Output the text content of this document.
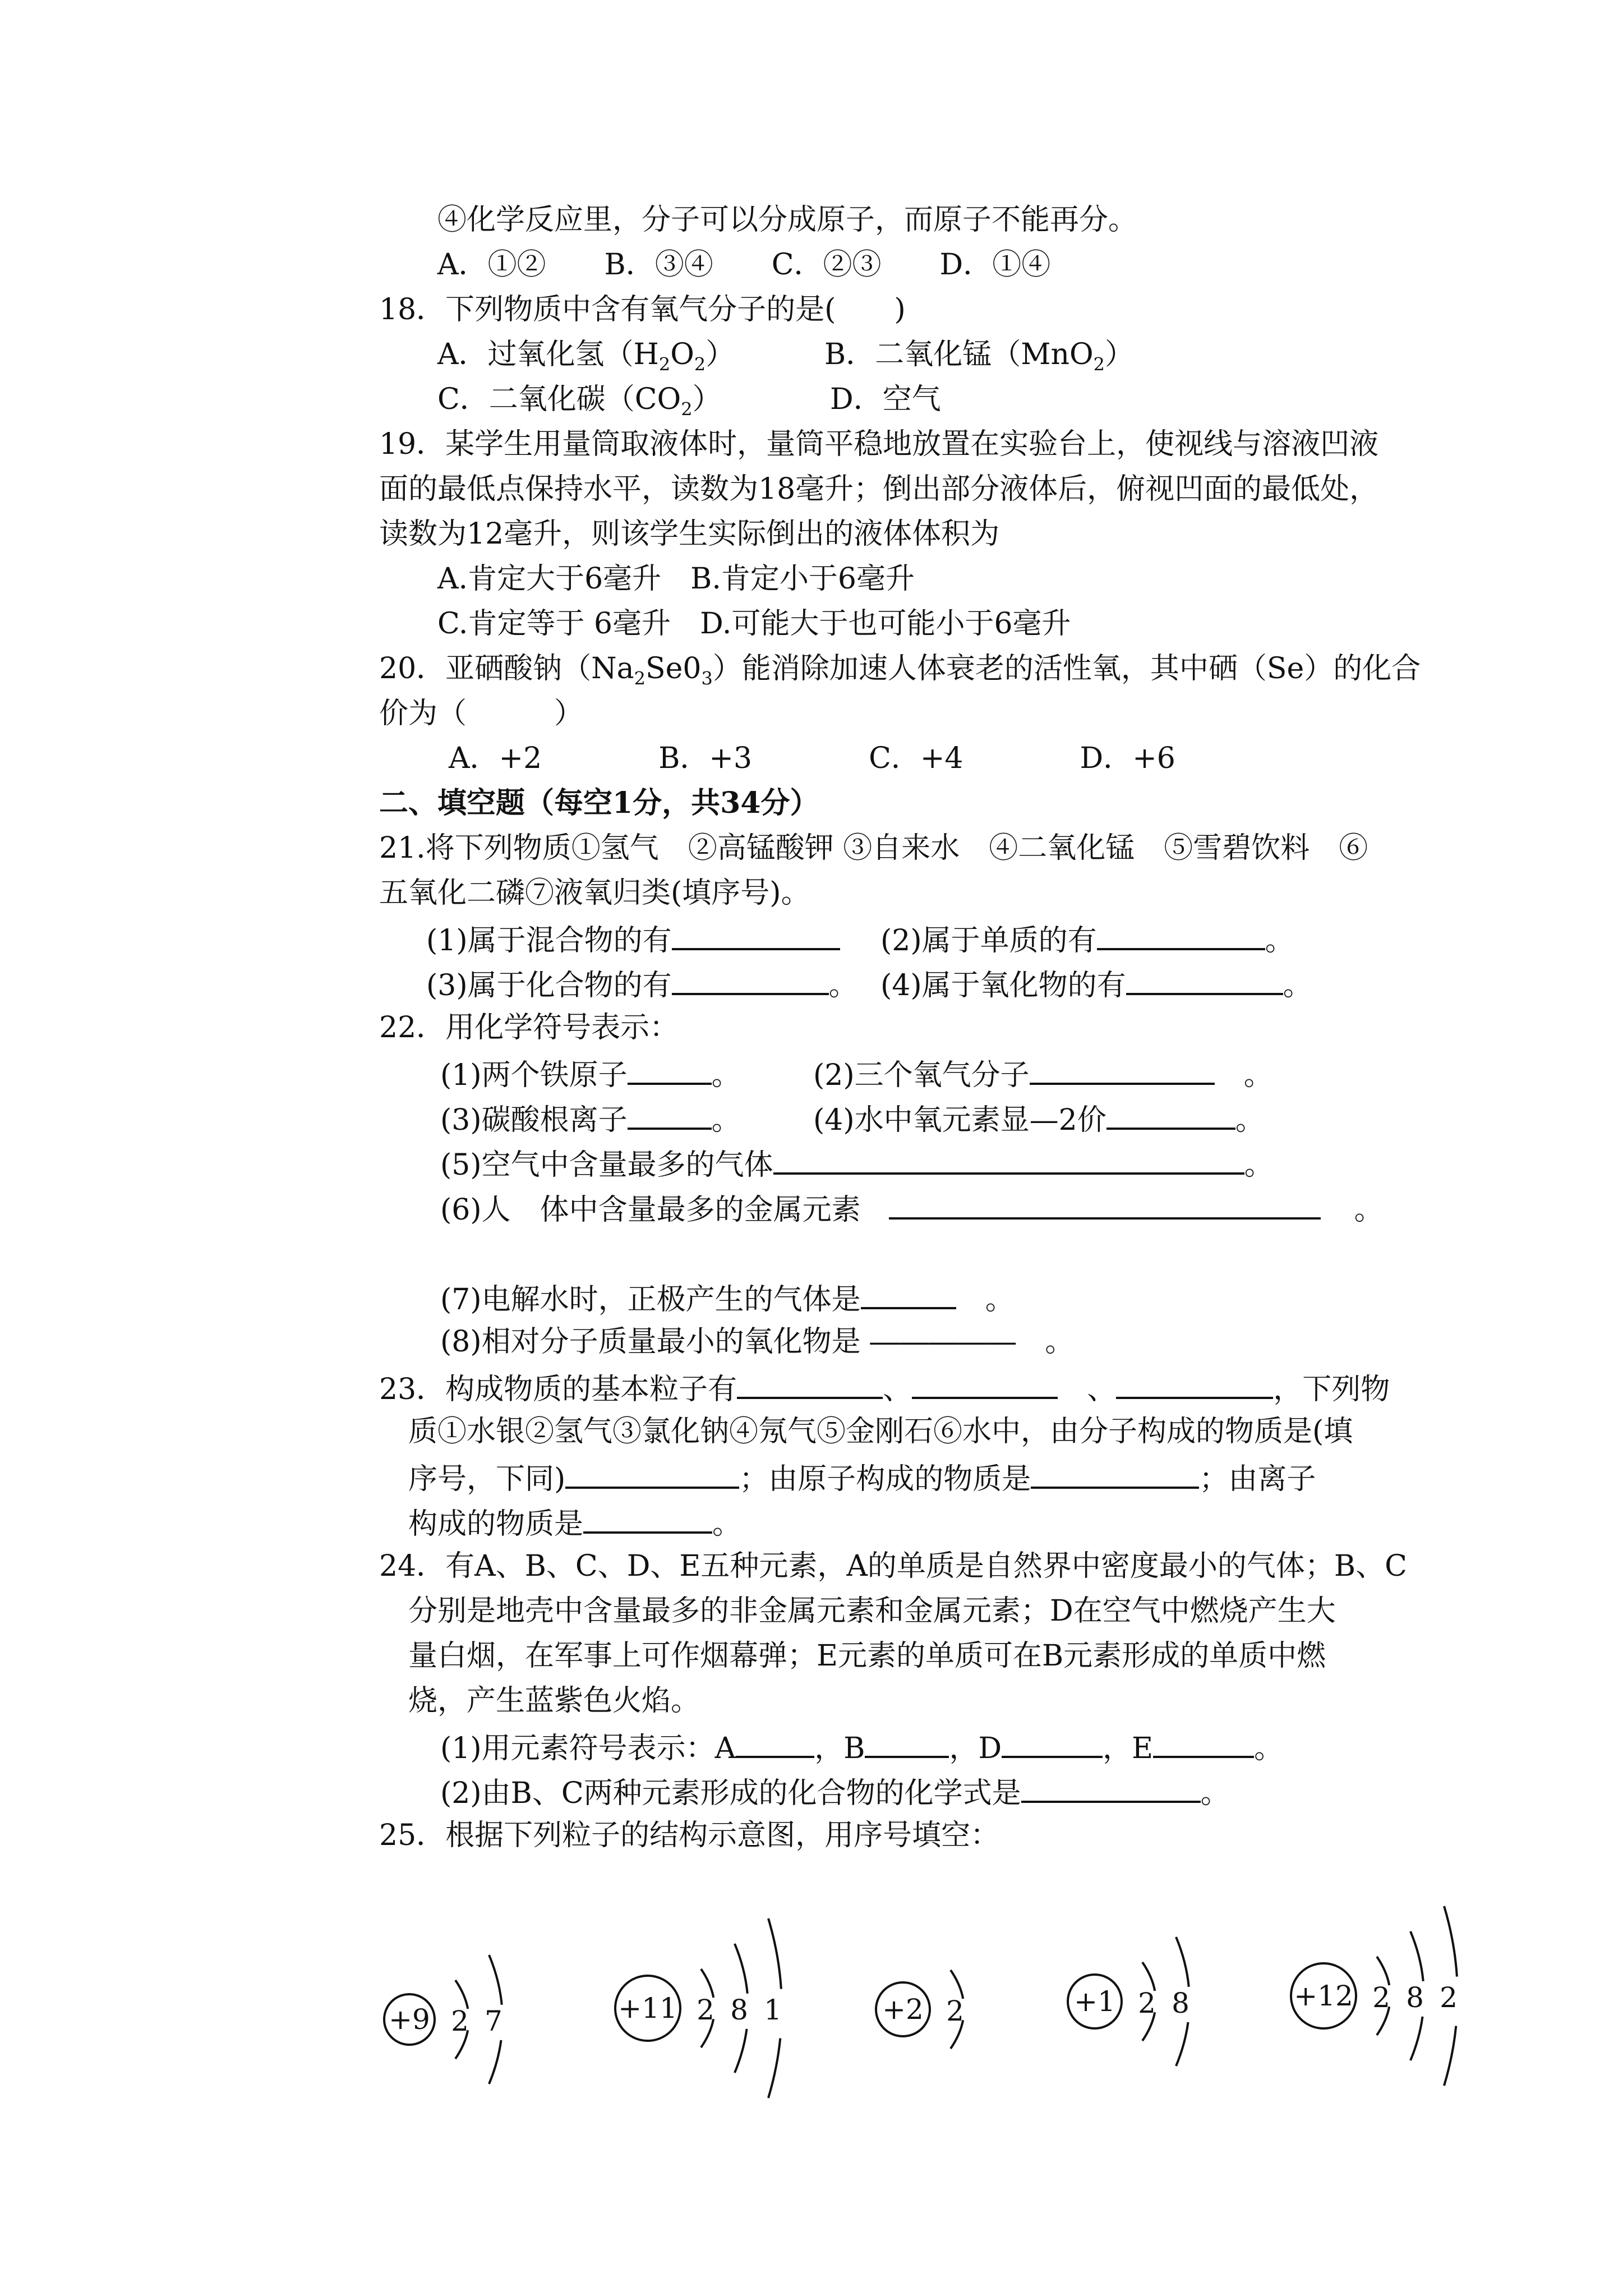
④化学反应里，分子可以分成原子，而原子不能再分。
A．①②　　B．③④　　C．②③　　D．①④
18．下列物质中含有氧气分子的是(　　)
A．过氧化氢$(H_2O_2)$	B．二氧化锰（MnO$_2$）
C．二氧化碳$(CO_2)$	D．空气
19．某学生用量筒取液体时，量筒平稳地放置在实验台上，使视线与溶液凹液
面的最低点保持水平，读数为18毫升；倒出部分液体后，俯视凹面的最低处，
读数为12毫升，则该学生实际倒出的液体体积为
A.肯定大于6毫升　B.肯定小于6毫升
C.肯定等于 6毫升　D.可能大于也可能小于6毫升
20．亚硒酸钠$(Na_2Se0_3)$能消除加速人体衰老的活性氧，其中硒（Se）的化合
价为（　　　）
A．+2　　　　B．+3　　　　C．+4　　　　D．+6
二、填空题（每空1分，共34分）
21.将下列物质①氢气　②高锰酸钾 ③自来水　④二氧化锰　⑤雪碧饮料　⑥
五氧化二磷⑦液氧归类(填序号)。
(1)属于混合物的有	(2)属于单质的有	。
(3)属于化合物的有	。 (4)属于氧化物的有	。
22．用化学符号表示：
(1)两个铁原子	。 (2)三个氧气分子　	。
(3)碳酸根离子	。 (4)水中氧元素显—2价	。
(5)空气中含量最多的气体	。
(6)人　体中含量最多的金属元素	。
(7)电解水时，正极产生的气体是　	。
(8)相对分子质量最小的氧化物是 ―――――　 。
23．构成物质的基本粒子有	、　	、	，下列物
质①水银②氢气③氯化钠④氖气⑤金刚石⑥水中，由分子构成的物质是(填
序号，下同)	；由原子构成的物质是	；由离子
构成的物质是	。
24．有A、B、C、D、E五种元素，A的单质是自然界中密度最小的气体；B、C
分别是地壳中含量最多的非金属元素和金属元素；D在空气中燃烧产生大
量白烟，在军事上可作烟幕弹；E元素的单质可在B元素形成的单质中燃
烧，产生蓝紫色火焰。
(1)用元素符号表示：A	，B	，D	，E	。
(2)由B、C两种元素形成的化合物的化学式是	。
25．根据下列粒子的结构示意图，用序号填空：
+9 2 7	+11 2 8 1	+2 2	+1 2 8	+12 2 8 2
